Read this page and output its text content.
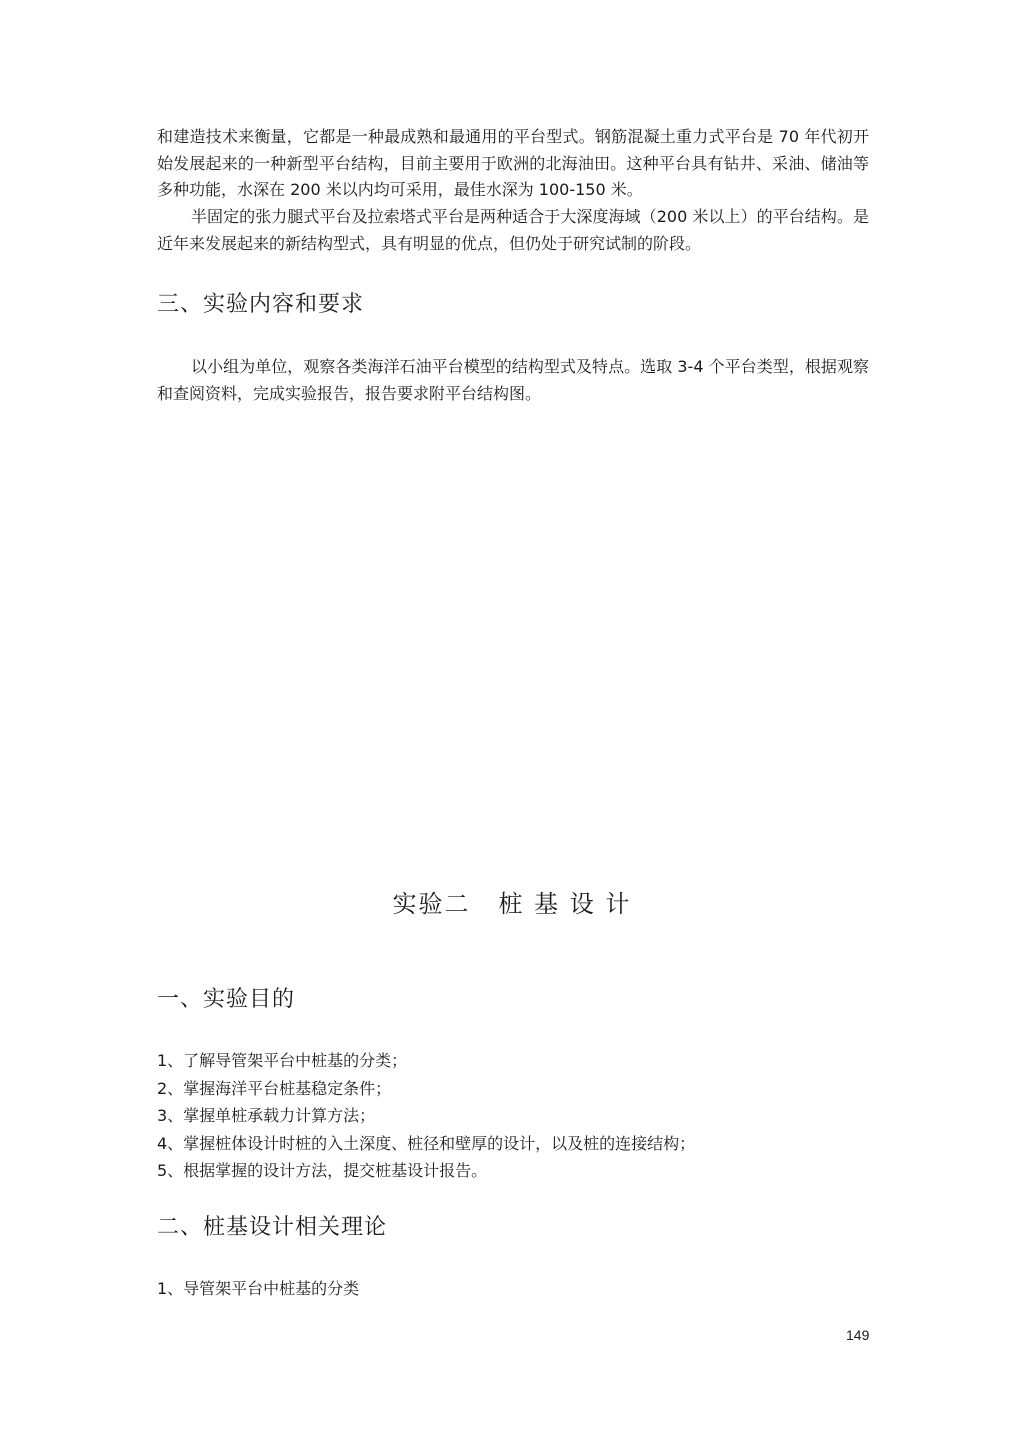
和建造技术来衡量，它都是一种最成熟和最通用的平台型式。钢筋混凝土重力式平台是 70 年代初开始发展起来的一种新型平台结构，目前主要用于欧洲的北海油田。这种平台具有钻井、采油、储油等多种功能，水深在 200 米以内均可采用，最佳水深为 100-150 米。

半固定的张力腿式平台及拉索塔式平台是两种适合于大深度海域（200 米以上）的平台结构。是近年来发展起来的新结构型式，具有明显的优点，但仍处于研究试制的阶段。

三、实验内容和要求

以小组为单位，观察各类海洋石油平台模型的结构型式及特点。选取 3-4 个平台类型，根据观察和查阅资料，完成实验报告，报告要求附平台结构图。

实验二 桩 基 设 计
一、实验目的
1、了解导管架平台中桩基的分类；
2、掌握海洋平台桩基稳定条件；
3、掌握单桩承载力计算方法；
4、掌握桩体设计时桩的入土深度、桩径和壁厚的设计，以及桩的连接结构；
5、根据掌握的设计方法，提交桩基设计报告。
二、桩基设计相关理论

1、导管架平台中桩基的分类

149
